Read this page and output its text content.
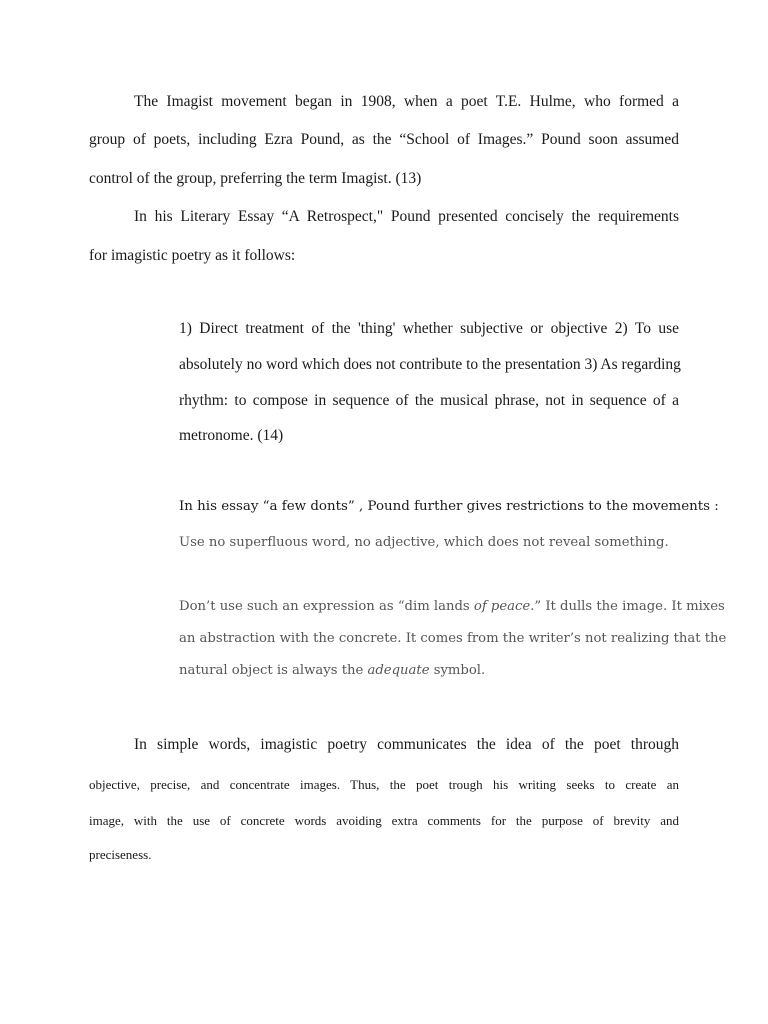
The Imagist movement began in 1908, when a poet T.E. Hulme, who formed a
group of poets, including Ezra Pound, as the “School of Images.” Pound soon assumed
control of the group, preferring the term Imagist. (13)
In his Literary Essay “A Retrospect," Pound presented concisely the requirements
for imagistic poetry as it follows:
1) Direct treatment of the 'thing' whether subjective or objective 2) To use
absolutely no word which does not contribute to the presentation 3) As regarding
rhythm: to compose in sequence of the musical phrase, not in sequence of a
metronome. (14)
In his essay “a few donts” , Pound further gives restrictions to the movements :
Use no superfluous word, no adjective, which does not reveal something.
Don’t use such an expression as “dim lands of peace.” It dulls the image. It mixes
an abstraction with the concrete. It comes from the writer’s not realizing that the
natural object is always the adequate symbol.
In simple words, imagistic poetry communicates the idea of the poet through
objective, precise, and concentrate images. Thus, the poet trough his writing seeks to create an
image, with the use of concrete words avoiding extra comments for the purpose of brevity and
preciseness.
